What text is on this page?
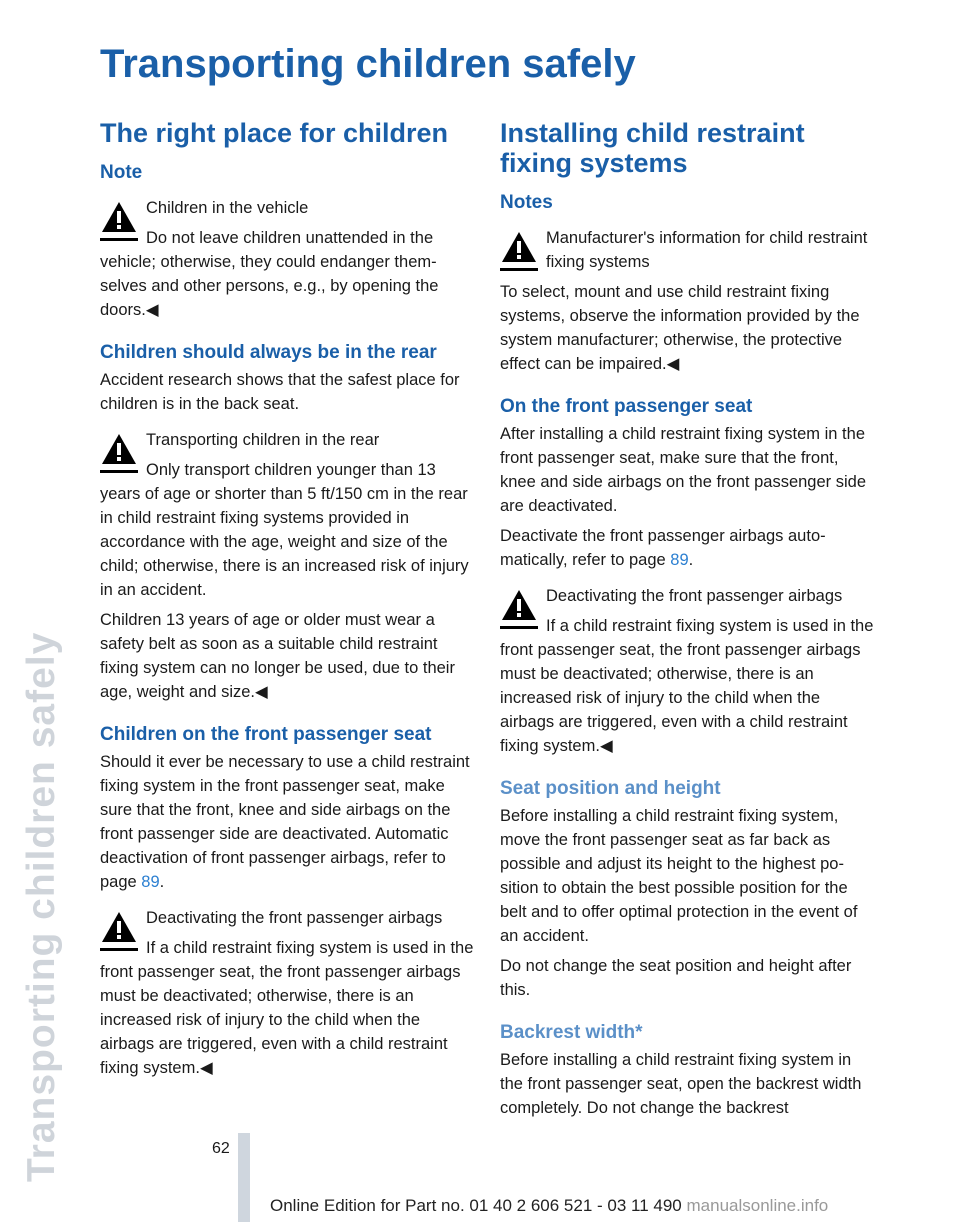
Transporting children safely
Transporting children safely
The right place for children
Note
Children in the vehicle
Do not leave children unattended in the vehicle; otherwise, they could endanger themselves and other persons, e.g., by opening the doors.◀
Children should always be in the rear

Accident research shows that the safest place for children is in the back seat.

Transporting children in the rear
Only transport children younger than 13 years of age or shorter than 5 ft/150 cm in the rear in child restraint fixing systems provided in accordance with the age, weight and size of the child; otherwise, there is an increased risk of injury in an accident.

Children 13 years of age or older must wear a safety belt as soon as a suitable child restraint fixing system can no longer be used, due to their age, weight and size.◀

Children on the front passenger seat

Should it ever be necessary to use a child restraint fixing system in the front passenger seat, make sure that the front, knee and side airbags on the front passenger side are deactivated. Automatic deactivation of front passenger airbags, refer to page 89.

Deactivating the front passenger airbags
If a child restraint fixing system is used in the front passenger seat, the front passenger airbags must be deactivated; otherwise, there is an increased risk of injury to the child when the airbags are triggered, even with a child restraint fixing system.◀
Installing child restraint fixing systems
Notes
Manufacturer's information for child restraint fixing systems

To select, mount and use child restraint fixing systems, observe the information provided by the system manufacturer; otherwise, the protective effect can be impaired.◀

On the front passenger seat

After installing a child restraint fixing system in the front passenger seat, make sure that the front, knee and side airbags on the front passenger side are deactivated.

Deactivate the front passenger airbags automatically, refer to page 89.

Deactivating the front passenger airbags
If a child restraint fixing system is used in the front passenger seat, the front passenger airbags must be deactivated; otherwise, there is an increased risk of injury to the child when the airbags are triggered, even with a child restraint fixing system.◀
Seat position and height

Before installing a child restraint fixing system, move the front passenger seat as far back as possible and adjust its height to the highest position to obtain the best possible position for the belt and to offer optimal protection in the event of an accident.

Do not change the seat position and height after this.

Backrest width*

Before installing a child restraint fixing system in the front passenger seat, open the backrest width completely. Do not change the backrest

62
Online Edition for Part no. 01 40 2 606 521 - 03 11 490 manualsonline.info
